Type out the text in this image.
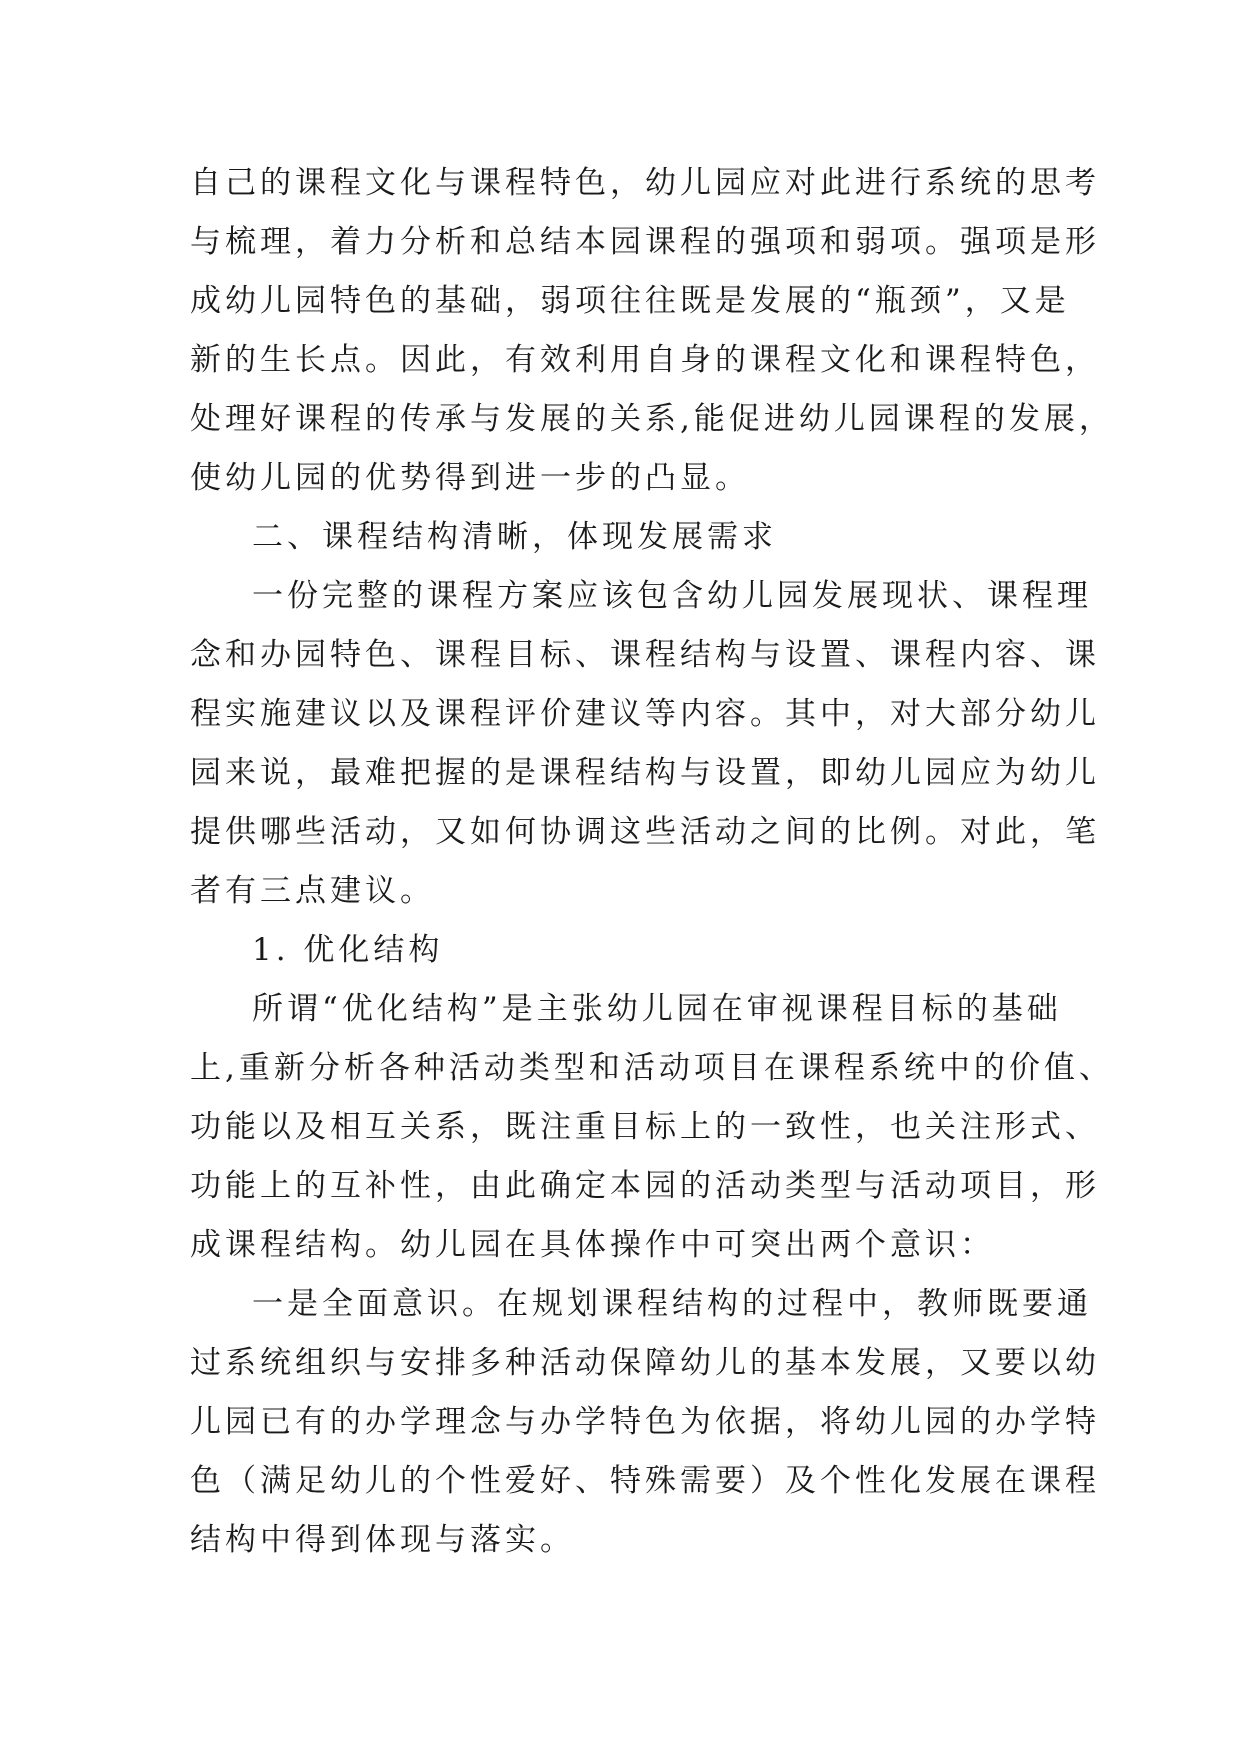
自己的课程文化与课程特色，幼儿园应对此进行系统的思考
与梳理，着力分析和总结本园课程的强项和弱项。强项是形
成幼儿园特色的基础，弱项往往既是发展的“瓶颈”，又是
新的生长点。因此，有效利用自身的课程文化和课程特色，
处理好课程的传承与发展的关系,能促进幼儿园课程的发展，
使幼儿园的优势得到进一步的凸显。

二、课程结构清晰，体现发展需求

一份完整的课程方案应该包含幼儿园发展现状、课程理
念和办园特色、课程目标、课程结构与设置、课程内容、课
程实施建议以及课程评价建议等内容。其中，对大部分幼儿
园来说，最难把握的是课程结构与设置，即幼儿园应为幼儿
提供哪些活动，又如何协调这些活动之间的比例。对此，笔
者有三点建议。

1. 优化结构

所谓“优化结构”是主张幼儿园在审视课程目标的基础
上,重新分析各种活动类型和活动项目在课程系统中的价值、
功能以及相互关系，既注重目标上的一致性，也关注形式、
功能上的互补性，由此确定本园的活动类型与活动项目，形
成课程结构。幼儿园在具体操作中可突出两个意识：

一是全面意识。在规划课程结构的过程中，教师既要通
过系统组织与安排多种活动保障幼儿的基本发展，又要以幼
儿园已有的办学理念与办学特色为依据，将幼儿园的办学特
色（满足幼儿的个性爱好、特殊需要）及个性化发展在课程
结构中得到体现与落实。
